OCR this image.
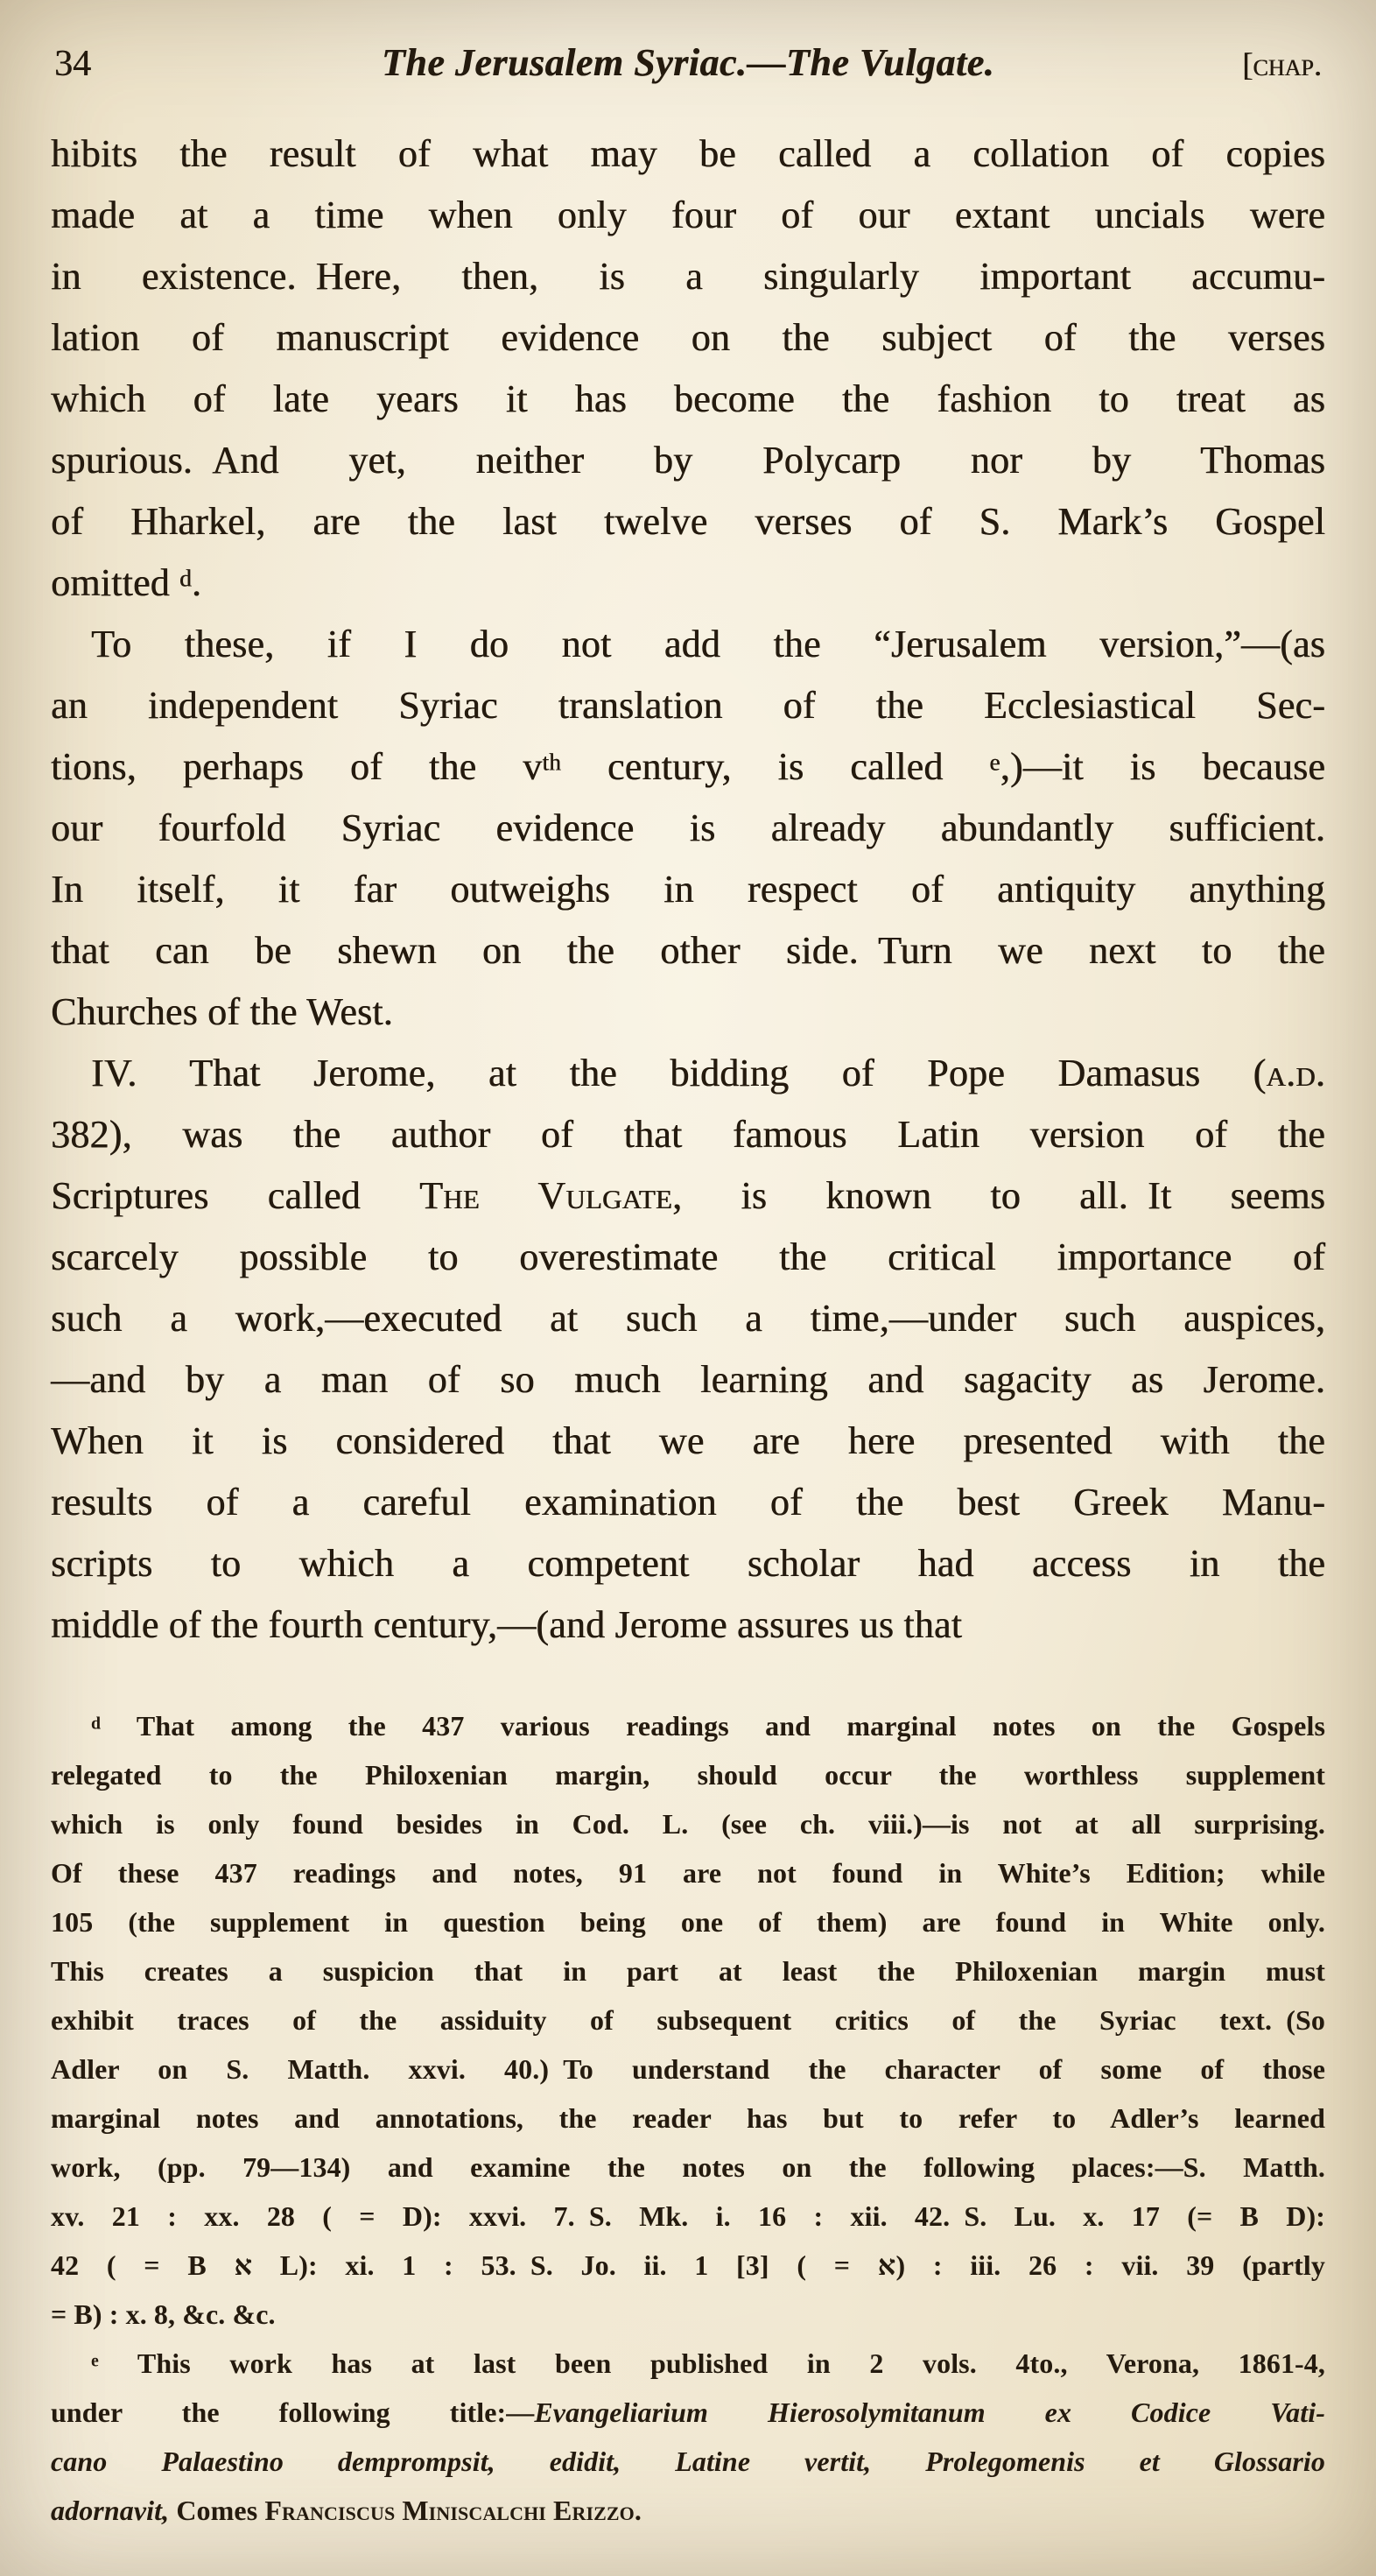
34	The Jerusalem Syriac.—The Vulgate.	[chap.
hibits the result of what may be called a collation of copies
made at a time when only four of our extant uncials were
in existence. Here, then, is a singularly important accumu-
lation of manuscript evidence on the subject of the verses
which of late years it has become the fashion to treat as
spurious. And yet, neither by Polycarp nor by Thomas
of Hharkel, are the last twelve verses of S. Mark’s Gospel
omitted $^d$.
To these, if I do not add the “Jerusalem version,”—(as
an independent Syriac translation of the Ecclesiastical Sec-
tions, perhaps of the $v^{th}$ century, is called $^e$,)—it is because
our fourfold Syriac evidence is already abundantly sufficient.
In itself, it far outweighs in respect of antiquity anything
that can be shewn on the other side. Turn we next to the
Churches of the West.
IV. That Jerome, at the bidding of Pope Damasus (a.d.
382), was the author of that famous Latin version of the
Scriptures called The Vulgate, is known to all. It seems
scarcely possible to overestimate the critical importance of
such a work,—executed at such a time,—under such auspices,
—and by a man of so much learning and sagacity as Jerome.
When it is considered that we are here presented with the
results of a careful examination of the best Greek Manu-
scripts to which a competent scholar had access in the
middle of the fourth century,—(and Jerome assures us that
$^d$ That among the 437 various readings and marginal notes on the Gospels
relegated to the Philoxenian margin, should occur the worthless supplement
which is only found besides in Cod. L. (see ch. viii.)—is not at all surprising.
Of these 437 readings and notes, 91 are not found in White’s Edition; while
105 (the supplement in question being one of them) are found in White only.
This creates a suspicion that in part at least the Philoxenian margin must
exhibit traces of the assiduity of subsequent critics of the Syriac text. (So
Adler on S. Matth. xxvi. 40.) To understand the character of some of those
marginal notes and annotations, the reader has but to refer to Adler’s learned
work, (pp. 79—134) and examine the notes on the following places:—S. Matth.
xv. 21 : xx. 28 ( = D): xxvi. 7. S. Mk. i. 16 : xii. 42. S. Lu. x. 17 (= B D):
42 ( = B א L): xi. 1 : 53. S. Jo. ii. 1 [3] ( = א) : iii. 26 : vii. 39 (partly
= B) : x. 8, &c. &c.
$^e$ This work has at last been published in 2 vols. 4to., Verona, 1861-4,
under the following title:—Evangeliarium Hierosolymitanum ex Codice Vati-
cano Palaestino demprompsit, edidit, Latine vertit, Prolegomenis et Glossario
adornavit, Comes Franciscus Miniscalchi Erizzo.
